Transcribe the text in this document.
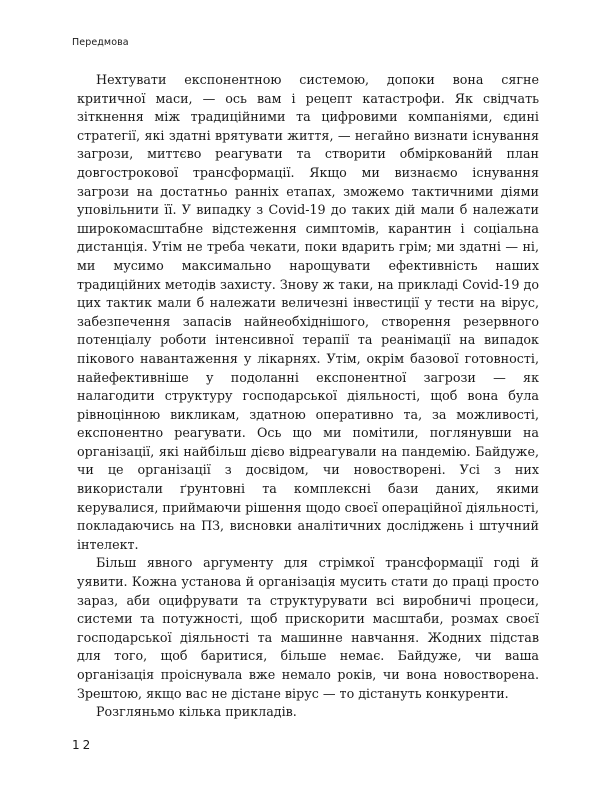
Передмова

Нехтувати експонентною системою, допоки вона сягне критичної маси, — ось вам і рецепт катастрофи. Як свідчать зіткнення між традиційними та цифровими компаніями, єдині стратегії, які здатні врятувати життя, — негайно визнати існування загрози, миттєво реагувати та створити обміркованйй план довгострокової трансформації. Якщо ми визнаємо існування загрози на достатньо ранніх етапах, зможемо тактичними діями уповільнити її. У випадку з Covid-19 до таких дій мали б належати широкомасштабне відстеження симптомів, карантин і соціальна дистанція. Утім не треба чекати, поки вдарить грім; ми здатні — ні, ми мусимо максимально нарощувати ефективність наших традиційних методів захисту. Знову ж таки, на прикладі Covid-19 до цих тактик мали б належати величезні інвестиції у тести на вірус, забезпечення запасів найнеобхіднішого, створення резервного потенціалу роботи інтенсивної терапії та реанімації на випадок пікового навантаження у лікарнях. Утім, окрім базової готовності, найефективніше у подоланні експонентної загрози — як налагодити структуру господарської діяльності, щоб вона була рівноцінною викликам, здатною оперативно та, за можливості, експонентно реагувати. Ось що ми помітили, поглянувши на організації, які найбільш дієво відреагували на пандемію. Байдуже, чи це організації з досвідом, чи новостворені. Усі з них використали ґрунтовні та комплексні бази даних, якими керувалися, приймаючи рішення щодо своєї операційної діяльності, покладаючись на ПЗ, висновки аналітичних досліджень і штучний інтелект.

Більш явного аргументу для стрімкої трансформації годі й уявити. Кожна установа й організація мусить стати до праці просто зараз, аби оцифрувати та структурувати всі виробничі процеси, системи та потужності, щоб прискорити масштаби, розмах своєї господарської діяльності та машинне навчання. Жодних підстав для того, щоб баритися, більше немає. Байдуже, чи ваша організація проіснувала вже немало років, чи вона новостворена. Зрештою, якщо вас не дістане вірус — то дістануть конкуренти.

Розгляньмо кілька прикладів.

12
